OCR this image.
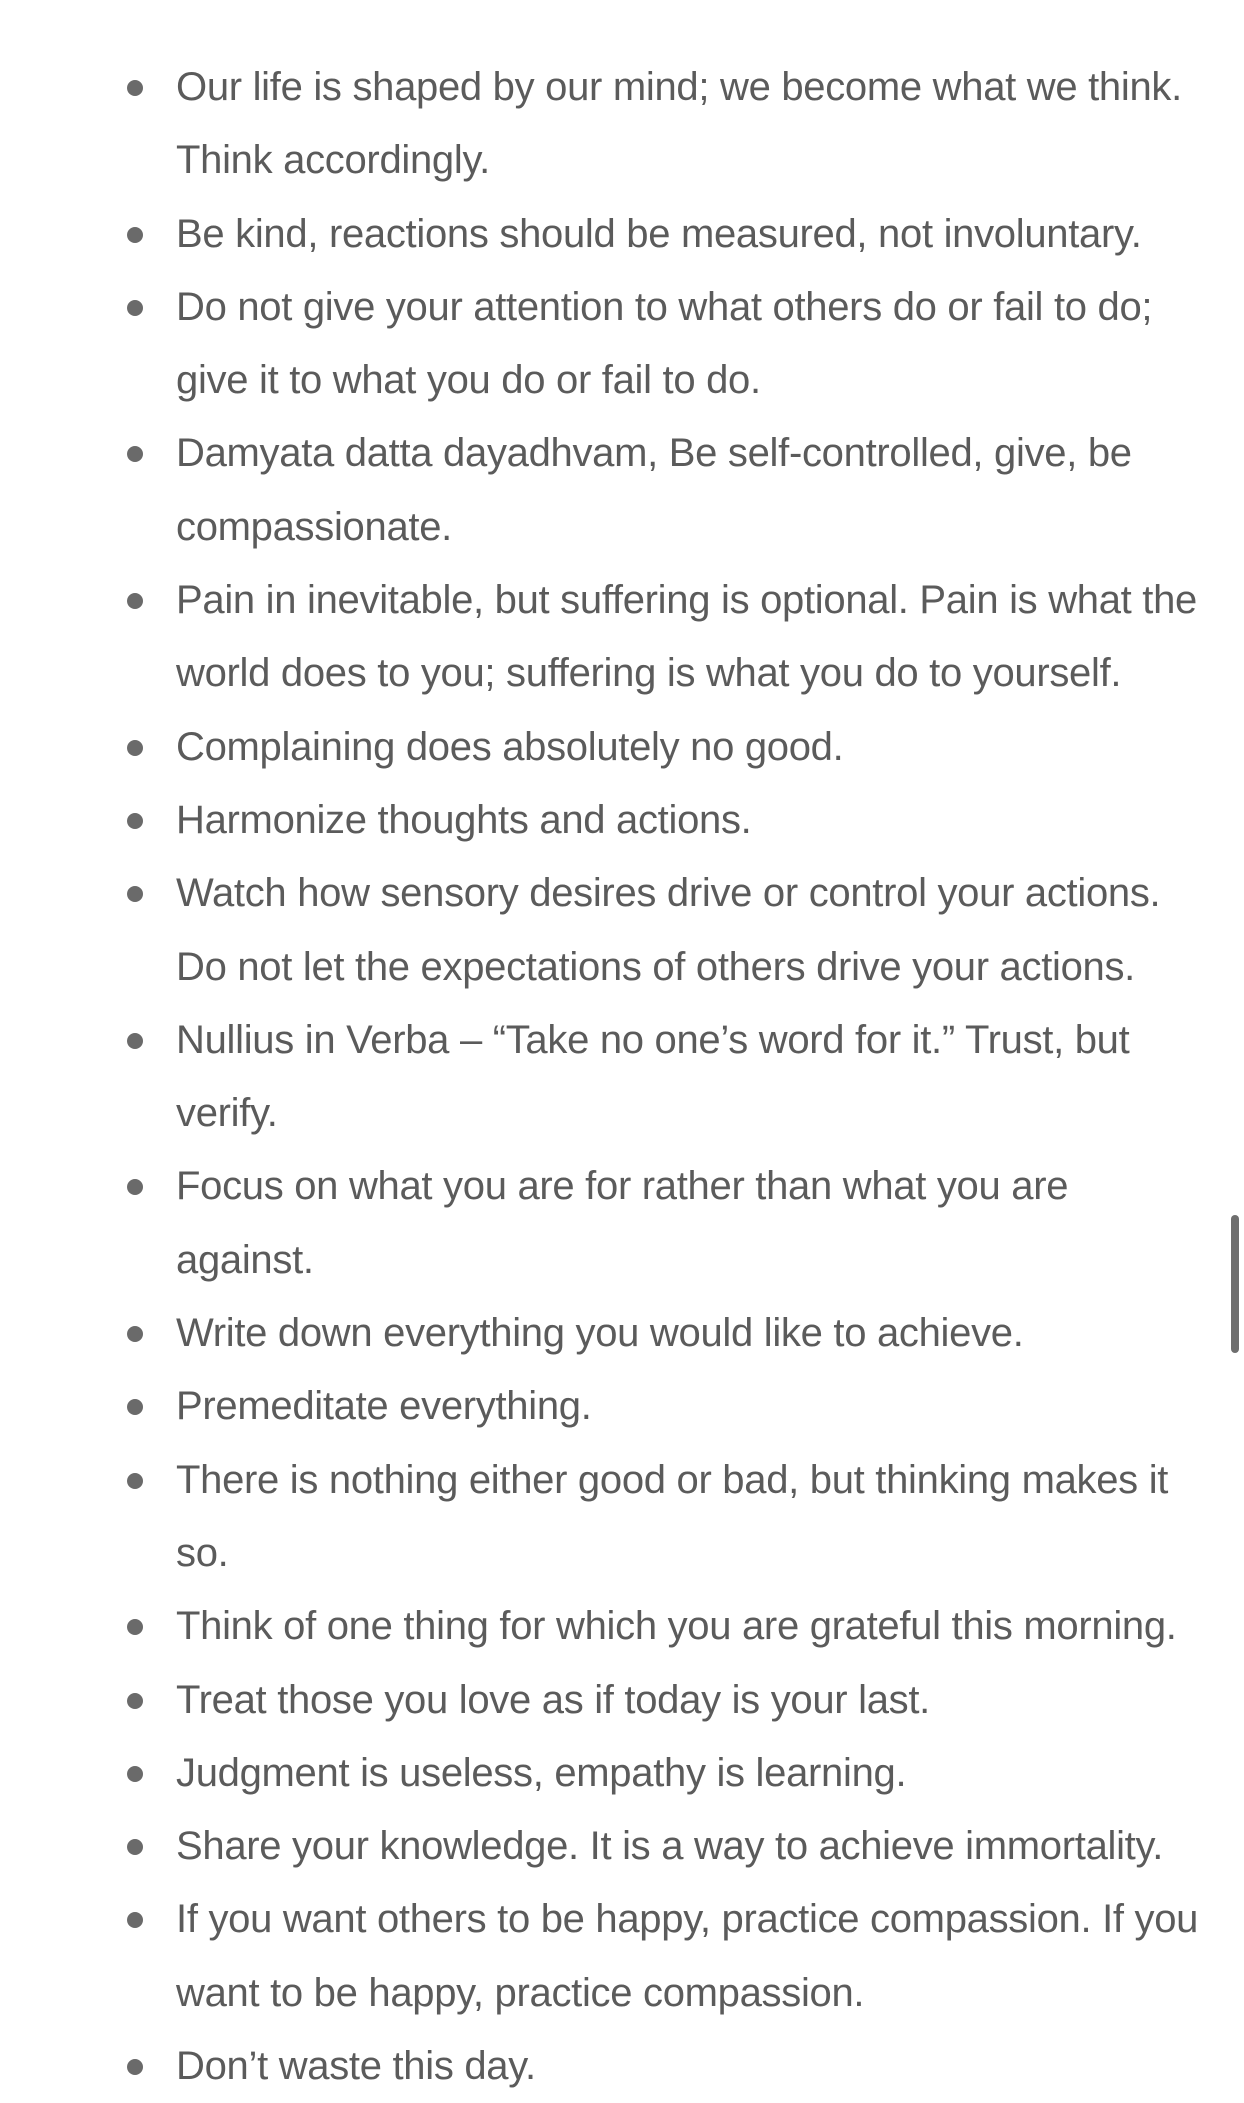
Our life is shaped by our mind; we become what we think. Think accordingly.
Be kind, reactions should be measured, not involuntary.
Do not give your attention to what others do or fail to do; give it to what you do or fail to do.
Damyata datta dayadhvam, Be self-controlled, give, be compassionate.
Pain in inevitable, but suffering is optional. Pain is what the world does to you; suffering is what you do to yourself.
Complaining does absolutely no good.
Harmonize thoughts and actions.
Watch how sensory desires drive or control your actions. Do not let the expectations of others drive your actions.
Nullius in Verba – “Take no one’s word for it.” Trust, but verify.
Focus on what you are for rather than what you are against.
Write down everything you would like to achieve.
Premeditate everything.
There is nothing either good or bad, but thinking makes it so.
Think of one thing for which you are grateful this morning.
Treat those you love as if today is your last.
Judgment is useless, empathy is learning.
Share your knowledge. It is a way to achieve immortality.
If you want others to be happy, practice compassion. If you want to be happy, practice compassion.
Don’t waste this day.
